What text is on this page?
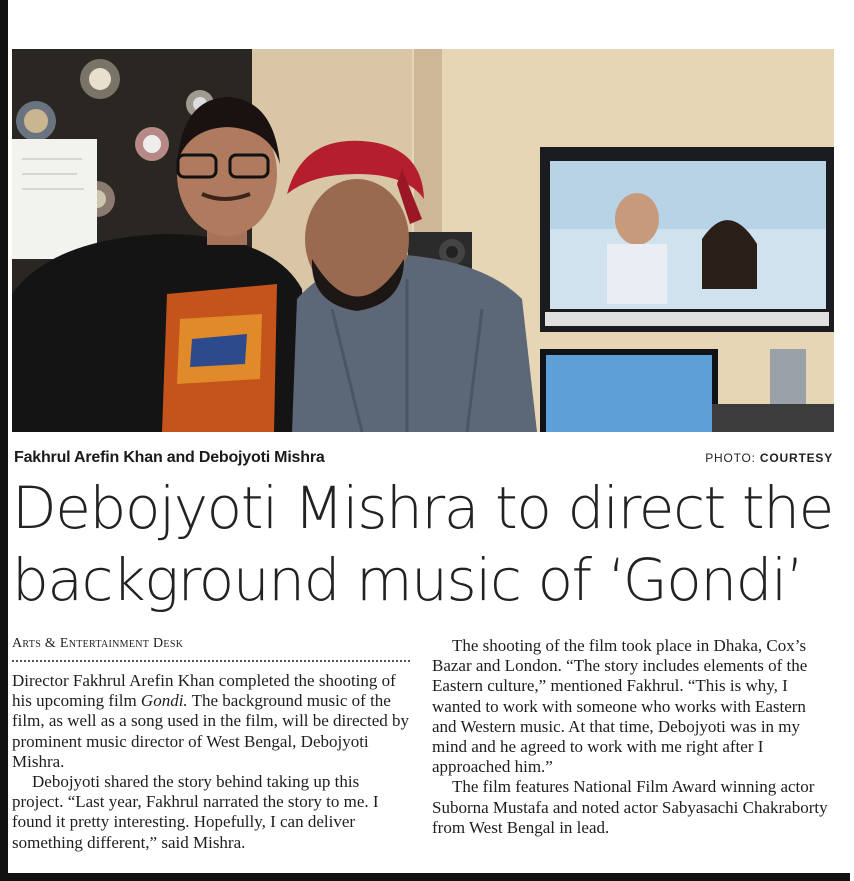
Fakhrul Arefin Khan and Debojyoti Mishra	PHOTO: COURTESY
Debojyoti Mishra to direct the
background music of ‘Gondi’
Arts & Entertainment Desk

Director Fakhrul Arefin Khan completed the shooting of his upcoming film Gondi. The background music of the film, as well as a song used in the film, will be directed by prominent music director of West Bengal, Debojyoti Mishra.

Debojyoti shared the story behind taking up this project. “Last year, Fakhrul narrated the story to me. I found it pretty interesting. Hopefully, I can deliver something different,” said Mishra.

The shooting of the film took place in Dhaka, Cox’s Bazar and London. “The story includes elements of the Eastern culture,” mentioned Fakhrul. “This is why, I wanted to work with someone who works with Eastern and Western music. At that time, Debojyoti was in my mind and he agreed to work with me right after I approached him.”

The film features National Film Award winning actor Suborna Mustafa and noted actor Sabyasachi Chakraborty from West Bengal in lead.
